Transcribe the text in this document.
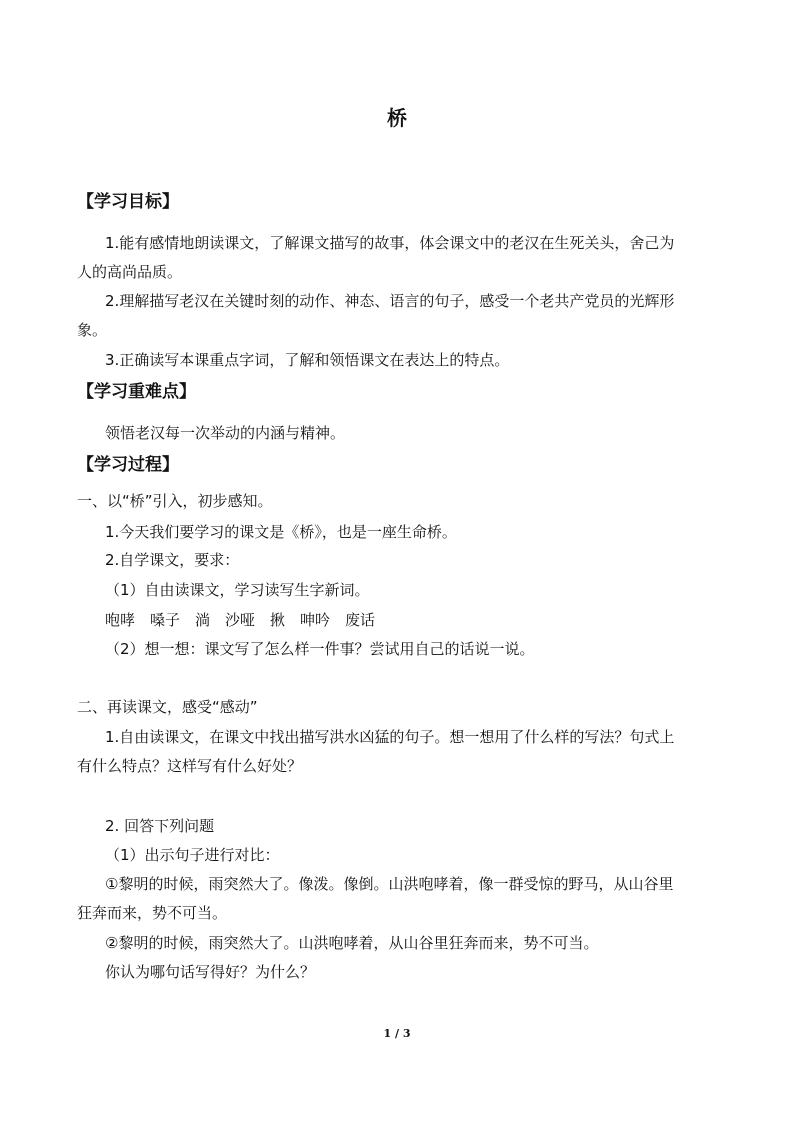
桥
【学习目标】
1.能有感情地朗读课文，了解课文描写的故事，体会课文中的老汉在生死关头，舍己为
人的高尚品质。
2.理解描写老汉在关键时刻的动作、神态、语言的句子，感受一个老共产党员的光辉形
象。
3.正确读写本课重点字词，了解和领悟课文在表达上的特点。
【学习重难点】
领悟老汉每一次举动的内涵与精神。
【学习过程】
一、以“桥”引入，初步感知。
1.今天我们要学习的课文是《桥》，也是一座生命桥。
2.自学课文，要求：
（1）自由读课文，学习读写生字新词。
咆哮　嗓子　淌　沙哑　揪　呻吟　废话
（2）想一想：课文写了怎么样一件事？尝试用自己的话说一说。
二、再读课文，感受“感动”
1.自由读课文，在课文中找出描写洪水凶猛的句子。想一想用了什么样的写法？句式上
有什么特点？这样写有什么好处？
2. 回答下列问题
（1）出示句子进行对比：
①黎明的时候，雨突然大了。像泼。像倒。山洪咆哮着，像一群受惊的野马，从山谷里
狂奔而来，势不可当。
②黎明的时候，雨突然大了。山洪咆哮着，从山谷里狂奔而来，势不可当。
你认为哪句话写得好？为什么？
1 / 3
